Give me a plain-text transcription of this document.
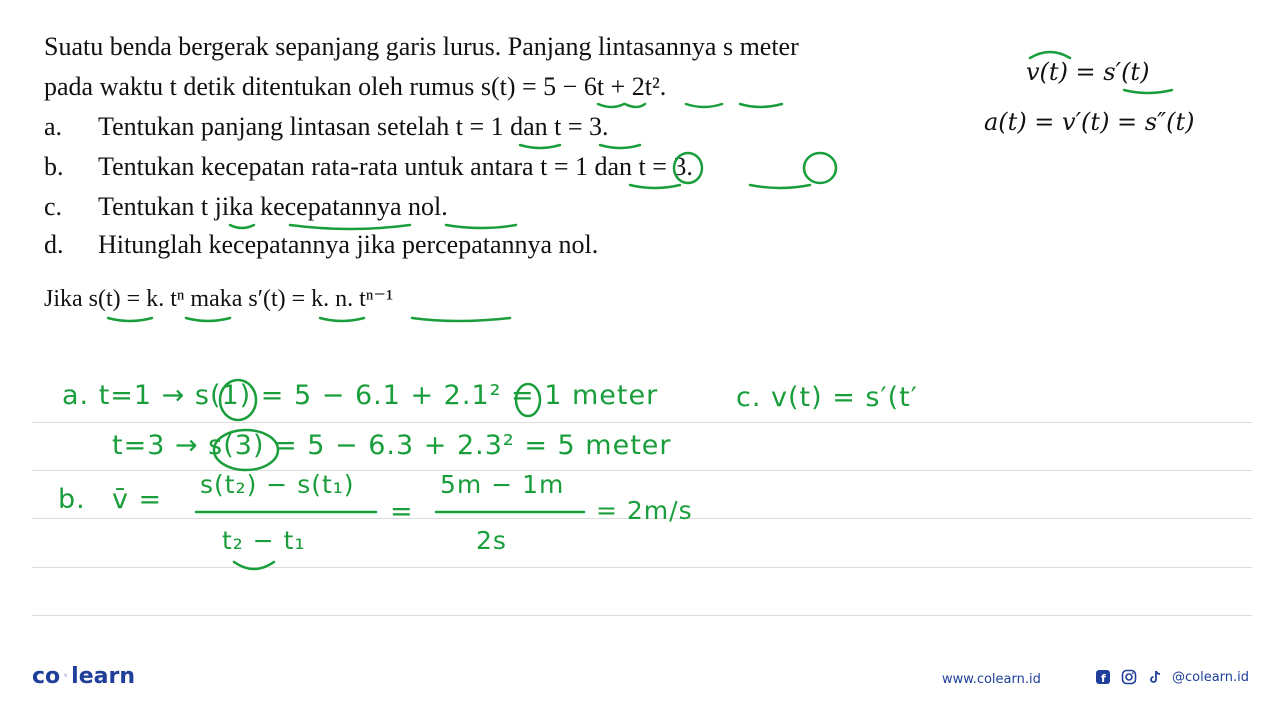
Suatu benda bergerak sepanjang garis lurus. Panjang lintasannya s meter
pada waktu t detik ditentukan oleh rumus s(t) = 5 − 6t + 2t².
a. Tentukan panjang lintasan setelah t = 1 dan t = 3.
b. Tentukan kecepatan rata-rata untuk antara t = 1 dan t = 3.
c. Tentukan t jika kecepatannya nol.
d. Hitunglah kecepatannya jika percepatannya nol.
Jika s(t) = k. tⁿ maka s′(t) = k. n. tⁿ⁻¹
v(t) = s′(t)
a(t) = v′(t) = s″(t)
a. t=1 → s(1) = 5 − 6.1 + 2.1² = 1 meter
t=3 → s(3) = 5 − 6.3 + 2.3² = 5 meter
c. v(t) = s′(t′
b. v̄ = s(t₂) − s(t₁)
t₂ − t₁
=
5m − 1m
2s
= 2m/s
co·learn	www.colearn.id	f	@colearn.id
